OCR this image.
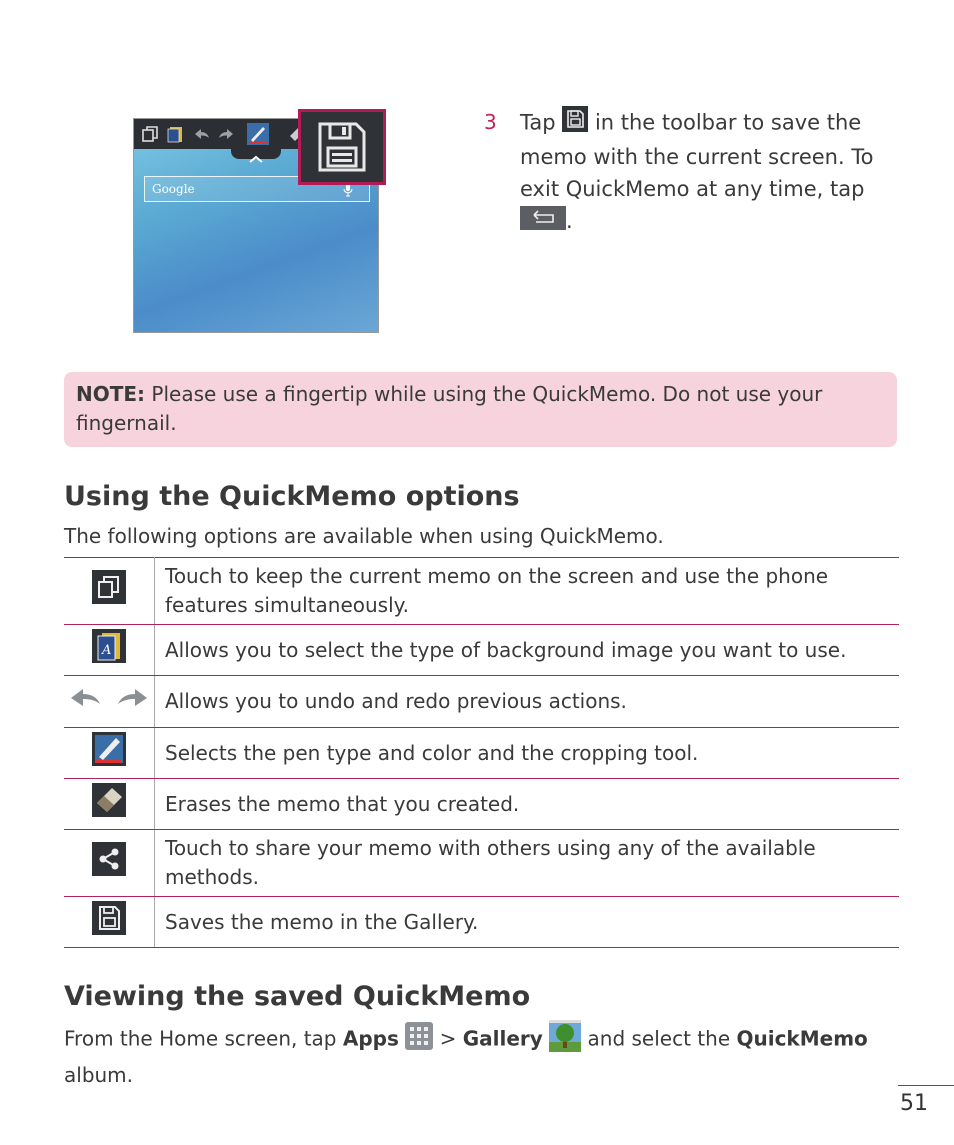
Google
3 Tap in the toolbar to save the memo with the current screen. To exit QuickMemo at any time, tap .
NOTE: Please use a fingertip while using the QuickMemo. Do not use your fingernail.
Using the QuickMemo options
The following options are available when using QuickMemo.
	Touch to keep the current memo on the screen and use the phone features simultaneously.

A	Allows you to select the type of background image you want to use.
	Allows you to undo and redo previous actions.
	Selects the pen type and color and the cropping tool.
	Erases the memo that you created.
	Touch to share your memo with others using any of the available methods.
	Saves the memo in the Gallery.
Viewing the saved QuickMemo
From the Home screen, tap Apps > Gallery and select the QuickMemo album.
51
